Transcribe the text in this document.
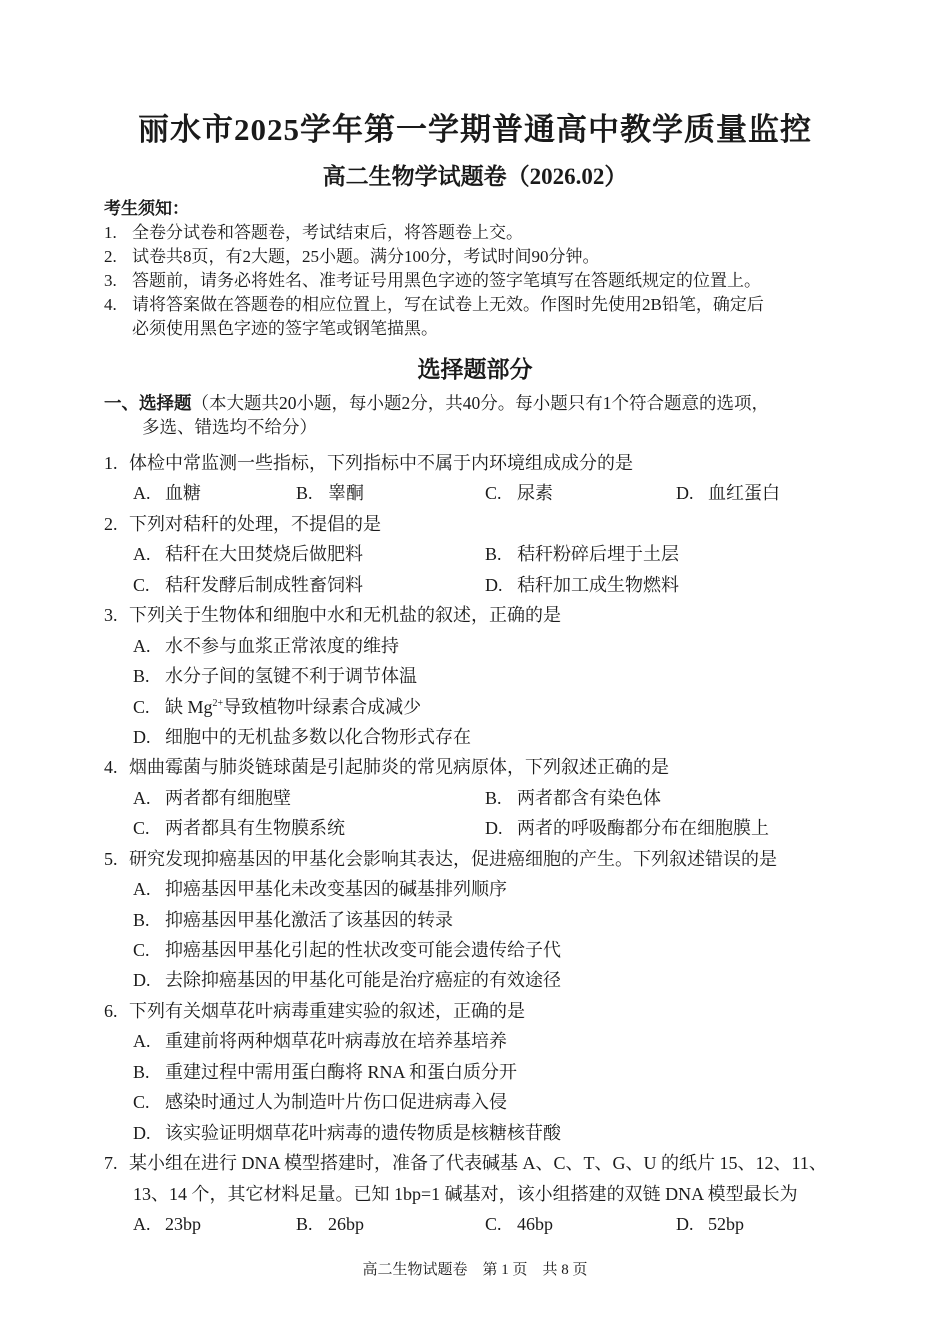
丽水市2025学年第一学期普通高中教学质量监控
高二生物学试题卷（2026.02）
考生须知：
1. 全卷分试卷和答题卷，考试结束后，将答题卷上交。
2. 试卷共8页，有2大题，25小题。满分100分，考试时间90分钟。
3. 答题前，请务必将姓名、准考证号用黑色字迹的签字笔填写在答题纸规定的位置上。
4. 请将答案做在答题卷的相应位置上，写在试卷上无效。作图时先使用2B铅笔，确定后
必须使用黑色字迹的签字笔或钢笔描黑。
选择题部分
一、选择题（本大题共20小题，每小题2分，共40分。每小题只有1个符合题意的选项，
多选、错选均不给分）
1. 体检中常监测一些指标，下列指标中不属于内环境组成成分的是
A. 血糖	B. 睾酮	C. 尿素	D. 血红蛋白
2. 下列对秸秆的处理，不提倡的是
A. 秸秆在大田焚烧后做肥料	B. 秸秆粉碎后埋于土层
C. 秸秆发酵后制成牲畜饲料	D. 秸秆加工成生物燃料
3. 下列关于生物体和细胞中水和无机盐的叙述，正确的是
A. 水不参与血浆正常浓度的维持
B. 水分子间的氢键不利于调节体温
C. 缺 $Mg^{2+}$导致植物叶绿素合成减少
D. 细胞中的无机盐多数以化合物形式存在
4. 烟曲霉菌与肺炎链球菌是引起肺炎的常见病原体，下列叙述正确的是
A. 两者都有细胞壁	B. 两者都含有染色体
C. 两者都具有生物膜系统	D. 两者的呼吸酶都分布在细胞膜上
5. 研究发现抑癌基因的甲基化会影响其表达，促进癌细胞的产生。下列叙述错误的是
A. 抑癌基因甲基化未改变基因的碱基排列顺序
B. 抑癌基因甲基化激活了该基因的转录
C. 抑癌基因甲基化引起的性状改变可能会遗传给子代
D. 去除抑癌基因的甲基化可能是治疗癌症的有效途径
6. 下列有关烟草花叶病毒重建实验的叙述，正确的是
A. 重建前将两种烟草花叶病毒放在培养基培养
B. 重建过程中需用蛋白酶将 RNA 和蛋白质分开
C. 感染时通过人为制造叶片伤口促进病毒入侵
D. 该实验证明烟草花叶病毒的遗传物质是核糖核苷酸
7. 某小组在进行 DNA 模型搭建时，准备了代表碱基 A、C、T、G、U 的纸片 15、12、11、
13、14 个，其它材料足量。已知 1bp=1 碱基对，该小组搭建的双链 DNA 模型最长为
A. 23bp	B. 26bp	C. 46bp	D. 52bp
高二生物试题卷　第 1 页　共 8 页
